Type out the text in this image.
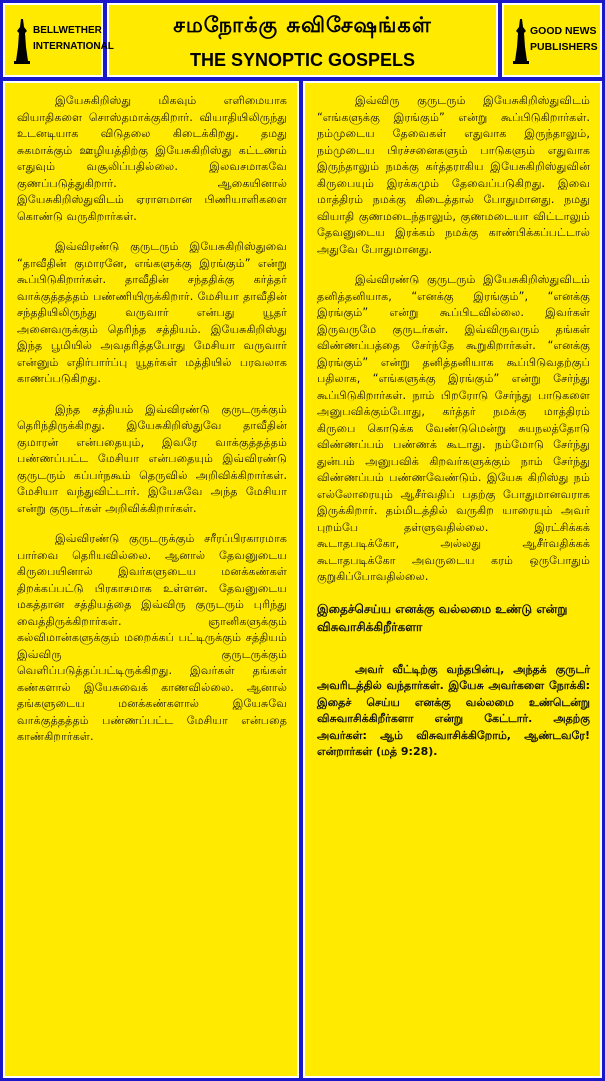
BELLWETHER
INTERNATIONAL
சமநோக்கு சுவிசேஷங்கள்
THE SYNOPTIC GOSPELS
GOOD NEWS
PUBLISHERS

இயேசுகிறிஸ்து மிகவும் எளிமையாக வியாதிகளை சொஸ்தமாக்குகிறார். வியாதியிலிருந்து உடனடியாக விடுதலை கிடைக்கிறது. தமது சுகமாக்கும் ஊழியத்திற்கு இயேசுகிறிஸ்து கட்டணம் எதுவும் வசூலிப்பதில்லை. இலவசமாகவே குணப்படுத்துகிறார். ஆகையினால் இயேசுகிறிஸ்துவிடம் ஏராளமான பிணியாளிகளை கொண்டு வருகிறார்கள்.

இவ்விரண்டு குருடரும் இயேசுகிறிஸ்துவை “தாவீதின் குமாரனே, எங்களுக்கு இரங்கும்” என்று கூப்பிடுகிறார்கள். தாவீதின் சந்ததிக்கு கர்த்தர் வாக்குத்தத்தம் பண்ணியிருக்கிறார். மேசியா தாவீதின் சந்ததியிலிருந்து வருவார் என்பது யூதர் அனைவருக்கும் தெரிந்த சத்தியம். இயேசுகிறிஸ்து இந்த பூமியில் அவதரித்தபோது மேசியா வருவார் என்னும் எதிர்பார்ப்பு யூதர்கள் மத்தியில் பரவலாக காணப்படுகிறது.

இந்த சத்தியம் இவ்விரண்டு குருடருக்கும் தெரிந்திருக்கிறது. இயேசுகிறிஸ்துவே தாவீதின் குமாரன் என்பதையும், இவரே வாக்குத்தத்தம் பண்ணப்பட்ட மேசியா என்பதையும் இவ்விரண்டு குருடரும் கப்பர்நகூம் தெருவில் அறிவிக்கிறார்கள். மேசியா வந்துவிட்டார். இயேசுவே அந்த மேசியா என்று குருடர்கள் அறிவிக்கிறார்கள்.

இவ்விரண்டு குருடருக்கும் சரீரப்பிரகாரமாக பார்வை தெரியவில்லை. ஆனால் தேவனுடைய கிருபையினால் இவர்களுடைய மனக்கண்கள் திறக்கப்பட்டு பிரகாசமாக உள்ளன. தேவனுடைய மகத்தான சத்தியத்தை இவ்விரு குருடரும் புரிந்து வைத்திருக்கிறார்கள். ஞானிகளுக்கும் கல்விமான்களுக்கும் மறைக்கப் பட்டிருக்கும் சத்தியம் இவ்விரு குருடருக்கும் வெளிப்படுத்தப்பட்டிருக்கிறது. இவர்கள் தங்கள் கண்களால் இயேசுவைக் காணவில்லை. ஆனால் தங்களுடைய மனக்கண்களால் இயேசுவே வாக்குத்தத்தம் பண்ணப்பட்ட மேசியா என்பதை காண்கிறார்கள்.

இவ்விரு குருடரும் இயேசுகிறிஸ்துவிடம் “எங்களுக்கு இரங்கும்” என்று கூப்பிடுகிறார்கள். நம்முடைய தேவைகள் எதுவாக இருந்தாலும், நம்முடைய பிரச்சனைகளும் பாடுகளும் எதுவாக இருந்தாலும் நமக்கு கர்த்தராகிய இயேசுகிறிஸ்துவின் கிருபையும் இரக்கமும் தேவைப்படுகிறது. இவை மாத்திரம் நமக்கு கிடைத்தால் போதுமானது. நமது வியாதி குணமடைந்தாலும், குணமடையா விட்டாலும் தேவனுடைய இரக்கம் நமக்கு காண்பிக்கப்பட்டால் அதுவே போதுமானது.

இவ்விரண்டு குருடரும் இயேசுகிறிஸ்துவிடம் தனித்தனியாக, “எனக்கு இரங்கும்”, “எனக்கு இரங்கும்” என்று கூப்பிடவில்லை. இவர்கள் இருவருமே குருடர்கள். இவ்விருவரும் தங்கள் விண்ணப்பத்தை சேர்ந்தே கூறுகிறார்கள். “எனக்கு இரங்கும்” என்று தனித்தனியாக கூப்பிடுவதற்குப் பதிலாக, “எங்களுக்கு இரங்கும்” என்று சேர்ந்து கூப்பிடுகிறார்கள். நாம் பிறரோடு சேர்ந்து பாடுகளை அனுபவிக்கும்போது, கர்த்தர் நமக்கு மாத்திரம் கிருபை கொடுக்க வேண்டுமென்று சுயநலத்தோடு விண்ணப்பம் பண்ணக் கூடாது. நம்மோடு சேர்ந்து துன்பம் அனுபவிக் கிறவர்களுக்கும் நாம் சேர்ந்து விண்ணப்பம் பண்ணவேண்டும். இயேசு கிறிஸ்து நம் எல்லோரையும் ஆசீர்வதிப் பதற்கு போதுமானவராக இருக்கிறார். தம்மிடத்தில் வருகிற யாரையும் அவர் புறம்பே தள்ளுவதில்லை. இரட்சிக்கக் கூடாதபடிக்கோ, அல்லது ஆசீர்வதிக்கக் கூடாதபடிக்கோ அவருடைய கரம் ஒருபோதும் குறுகிப்போவதில்லை.

இதைச்செய்ய எனக்கு வல்லமை உண்டு என்று விசுவாசிக்கிறீர்களா

அவர் வீட்டிற்கு வந்தபின்பு, அந்தக் குருடர் அவரிடத்தில் வந்தார்கள். இயேசு அவர்களை நோக்கி: இதைச் செய்ய எனக்கு வல்லமை உண்டென்று விசுவாசிக்கிறீர்களா என்று கேட்டார். அதற்கு அவர்கள்: ஆம் விசுவாசிக்கிறோம், ஆண்டவரே! என்றார்கள் (மத் 9:28).
